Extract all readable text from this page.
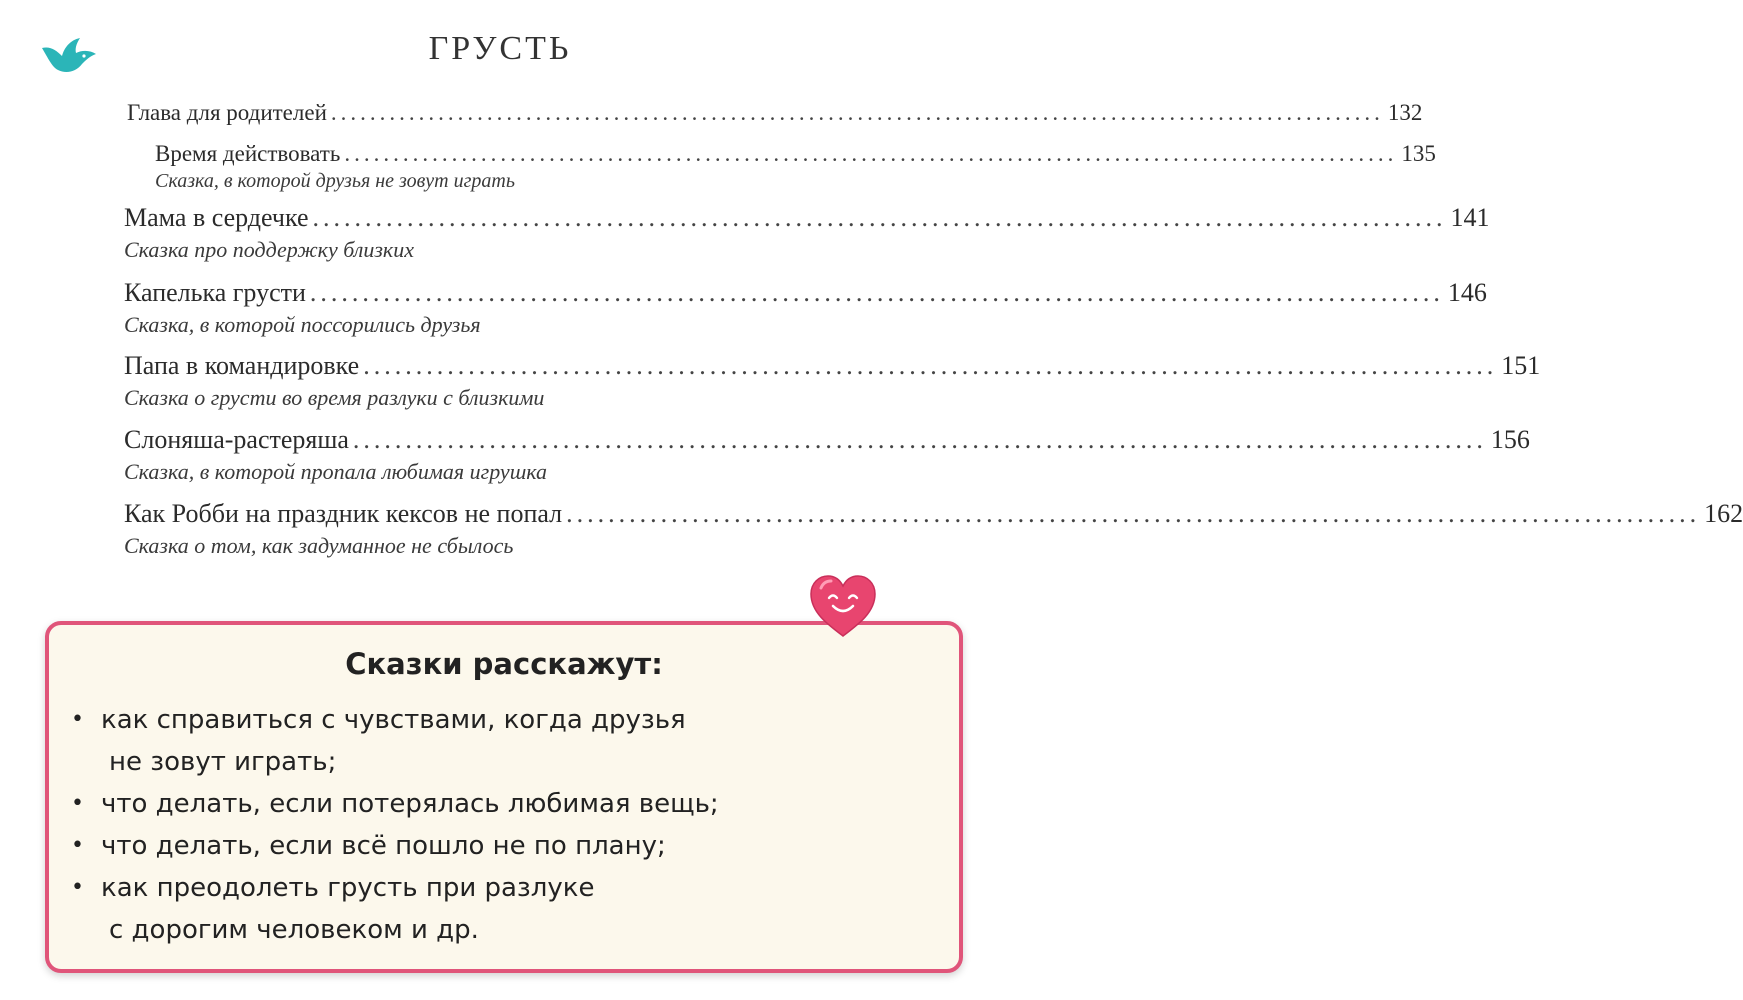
ГРУСТЬ
Глава для родителей ............................................................................................................ 132
Время действовать ............................................................................................................ 135
Сказка, в которой друзья не зовут играть
Мама в сердечке ............................................................................................................ 141
Сказка про поддержку близких
Капелька грусти ............................................................................................................ 146
Сказка, в которой поссорились друзья
Папа в командировке ............................................................................................................ 151
Сказка о грусти во время разлуки с близкими
Слоняша-растеряша ............................................................................................................ 156
Сказка, в которой пропала любимая игрушка
Как Робби на праздник кексов не попал ............................................................................................................ 162
Сказка о том, как задуманное не сбылось
Сказки расскажут:
• как справиться с чувствами, когда друзья
не зовут играть;
• что делать, если потерялась любимая вещь;
• что делать, если всё пошло не по плану;
• как преодолеть грусть при разлуке
с дорогим человеком и др.
